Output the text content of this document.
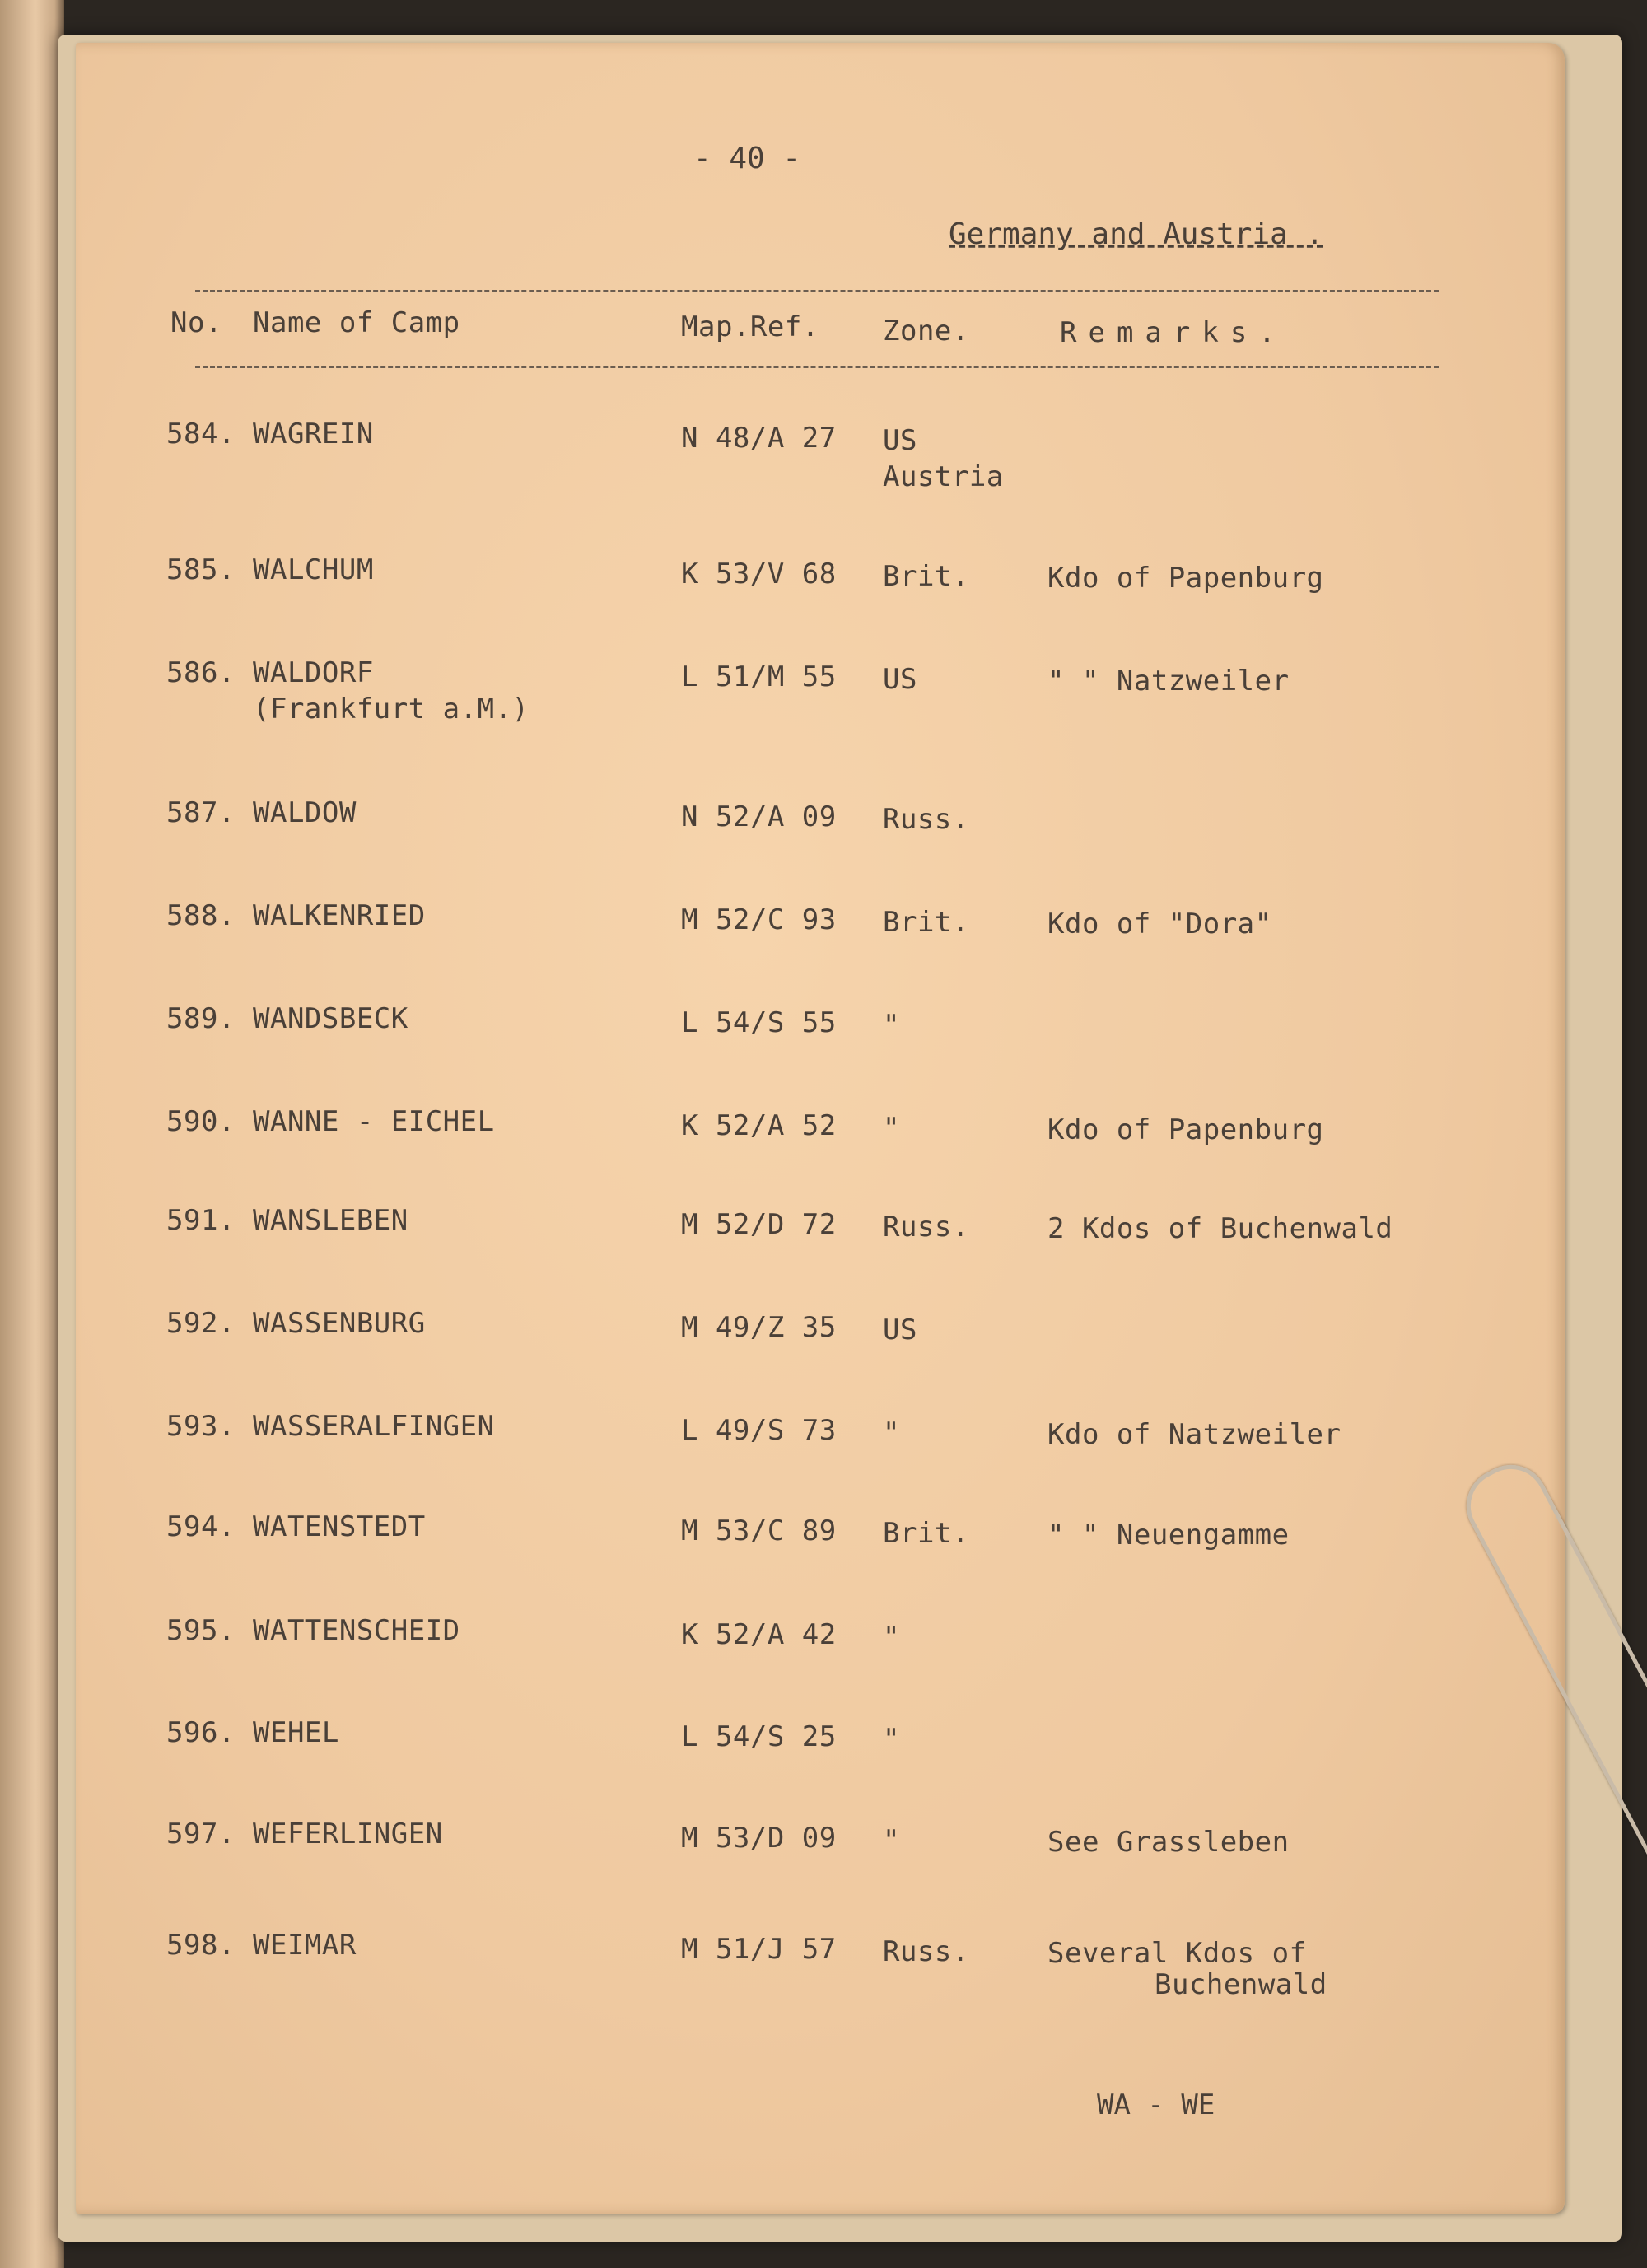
- 40 -
Germany and Austria .
No. Name of Camp	Map.Ref. Zone.	Remarks.
584. WAGREIN	N 48/A 27 US
Austria
585. WALCHUM	K 53/V 68 Brit.	Kdo of Papenburg
586. WALDORF	L 51/M 55 US	" " Natzweiler
(Frankfurt a.M.)
587. WALDOW	N 52/A 09 Russ.
588. WALKENRIED	M 52/C 93 Brit.	Kdo of "Dora"
589. WANDSBECK	L 54/S 55 "
590. WANNE - EICHEL	K 52/A 52 "	Kdo of Papenburg
591. WANSLEBEN	M 52/D 72 Russ.	2 Kdos of Buchenwald
592. WASSENBURG	M 49/Z 35 US
593. WASSERALFINGEN	L 49/S 73 "	Kdo of Natzweiler
594. WATENSTEDT	M 53/C 89 Brit.	" " Neuengamme
595. WATTENSCHEID	K 52/A 42 "
596. WEHEL	L 54/S 25 "
597. WEFERLINGEN	M 53/D 09 "	See Grassleben
598. WEIMAR	M 51/J 57 Russ.	Several Kdos of
Buchenwald
WA - WE
